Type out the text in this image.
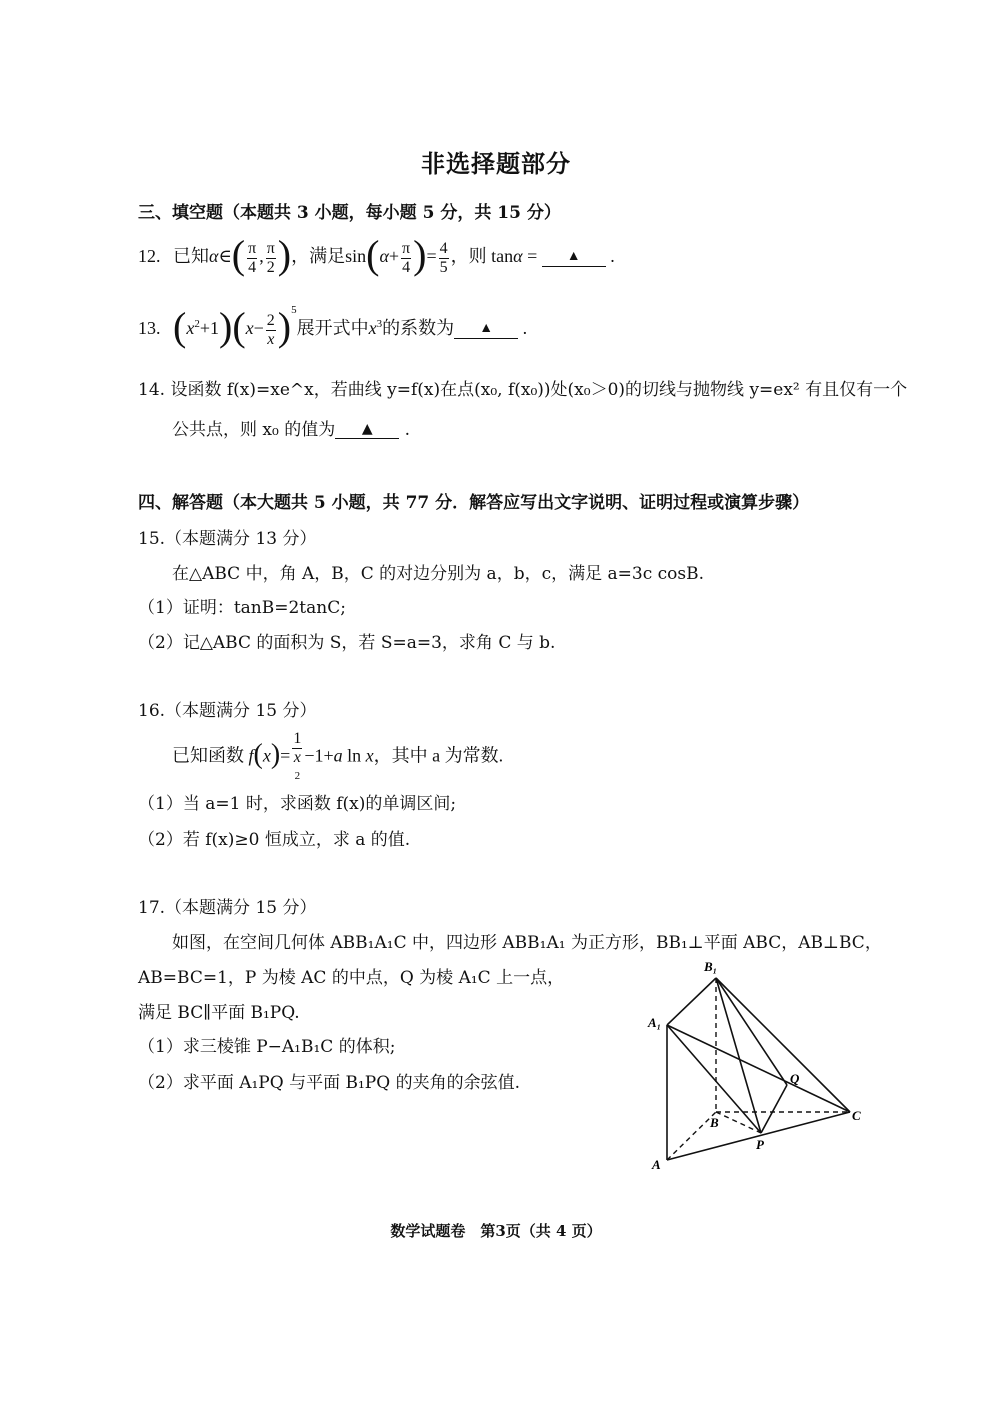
非选择题部分
三、填空题（本题共 3 小题，每小题 5 分，共 15 分）
12. 已知α∈( $\frac{\pi}{4}$ , $\frac{\pi}{2}$ )，满足$\sin(\alpha+ \frac{\pi}{4}$ )= $\frac{4}{5}$ ，则 tanα = ▲ .
13. $(x^2+1)(x- \frac{2}{x} )^5$展开式中$x^3$的系数为 ▲ .
14. 设函数 f(x)=xe^x，若曲线 y=f(x)在点(x₀, f(x₀))处(x₀＞0)的切线与抛物线 y=ex² 有且仅有一个
公共点，则 x₀ 的值为 ▲ .
四、解答题（本大题共 5 小题，共 77 分．解答应写出文字说明、证明过程或演算步骤）
15.（本题满分 13 分）
在△ABC 中，角 A，B，C 的对边分别为 a，b，c，满足 a=3c cosB.
（1）证明：tanB=2tanC;
（2）记△ABC 的面积为 S，若 S=a=3，求角 C 与 b.
16.（本题满分 15 分）
已知函数 f(x)= 1
x
2 −1+a ln x，其中 a 为常数.
（1）当 a=1 时，求函数 f(x)的单调区间;
（2）若 f(x)≥0 恒成立，求 a 的值.
17.（本题满分 15 分）
如图，在空间几何体 ABB₁A₁C 中，四边形 ABB₁A₁ 为正方形，BB₁⊥平面 ABC，AB⊥BC，
AB=BC=1，P 为棱 AC 的中点，Q 为棱 A₁C 上一点，
满足 BC∥平面 B₁PQ.
（1）求三棱锥 P−A₁B₁C 的体积;
（2）求平面 A₁PQ 与平面 B₁PQ 的夹角的余弦值.
B₁
A₁
Q
B	C
P
A
数学试题卷　第3页（共 4 页）
